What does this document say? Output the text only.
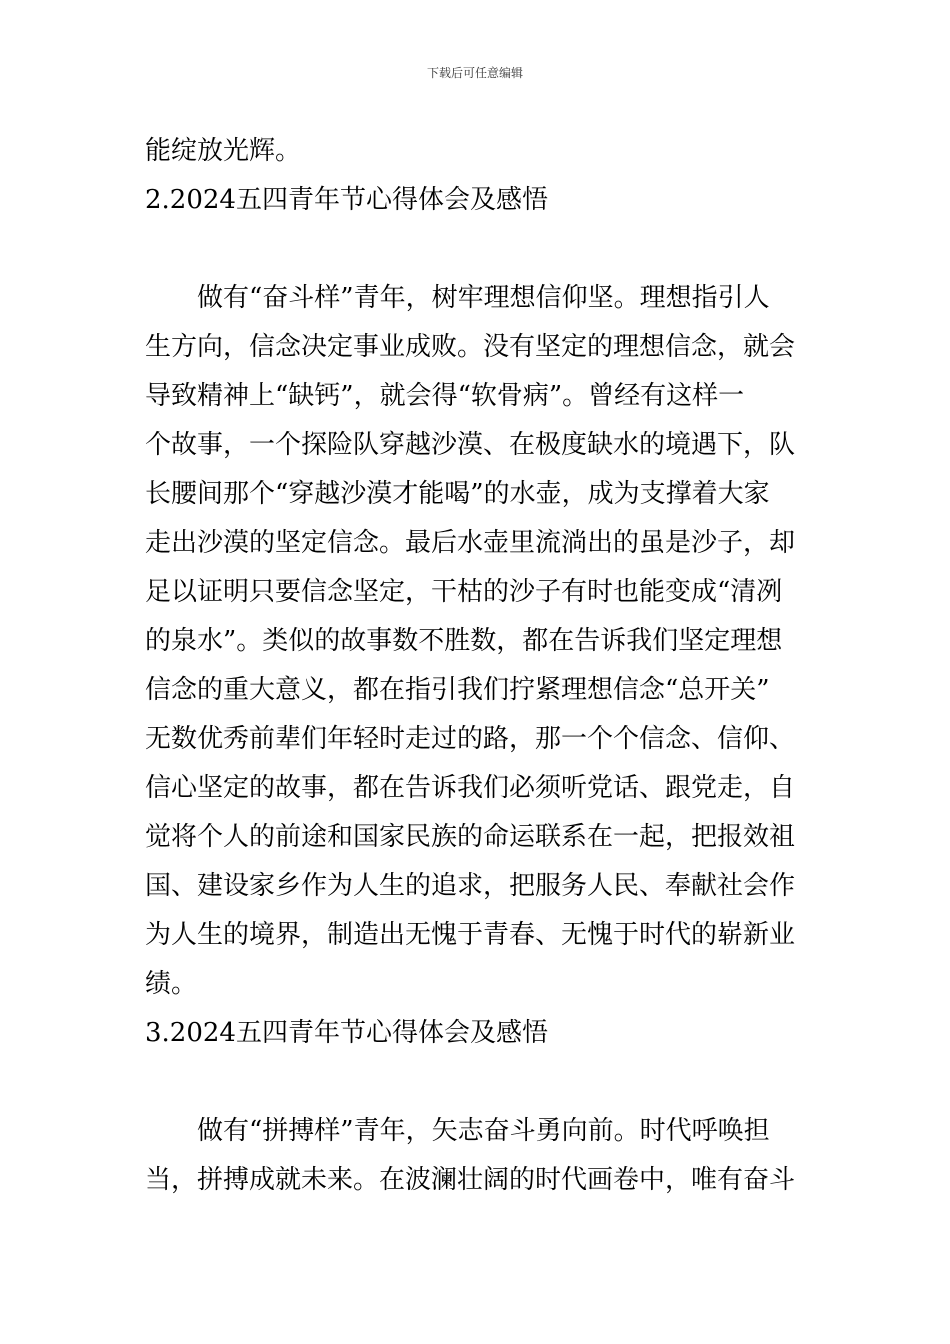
下载后可任意编辑
能绽放光辉。
2.2024五四青年节心得体会及感悟
做有“奋斗样”青年，树牢理想信仰坚。理想指引人
生方向，信念决定事业成败。没有坚定的理想信念，就会
导致精神上“缺钙”，就会得“软骨病”。曾经有这样一
个故事，一个探险队穿越沙漠、在极度缺水的境遇下，队
长腰间那个“穿越沙漠才能喝”的水壶，成为支撑着大家
走出沙漠的坚定信念。最后水壶里流淌出的虽是沙子，却
足以证明只要信念坚定，干枯的沙子有时也能变成“清冽
的泉水”。类似的故事数不胜数，都在告诉我们坚定理想
信念的重大意义，都在指引我们拧紧理想信念“总开关”
无数优秀前辈们年轻时走过的路，那一个个信念、信仰、
信心坚定的故事，都在告诉我们必须听党话、跟党走，自
觉将个人的前途和国家民族的命运联系在一起，把报效祖
国、建设家乡作为人生的追求，把服务人民、奉献社会作
为人生的境界，制造出无愧于青春、无愧于时代的崭新业
绩。
3.2024五四青年节心得体会及感悟
做有“拼搏样”青年，矢志奋斗勇向前。时代呼唤担
当，拼搏成就未来。在波澜壮阔的时代画卷中，唯有奋斗
